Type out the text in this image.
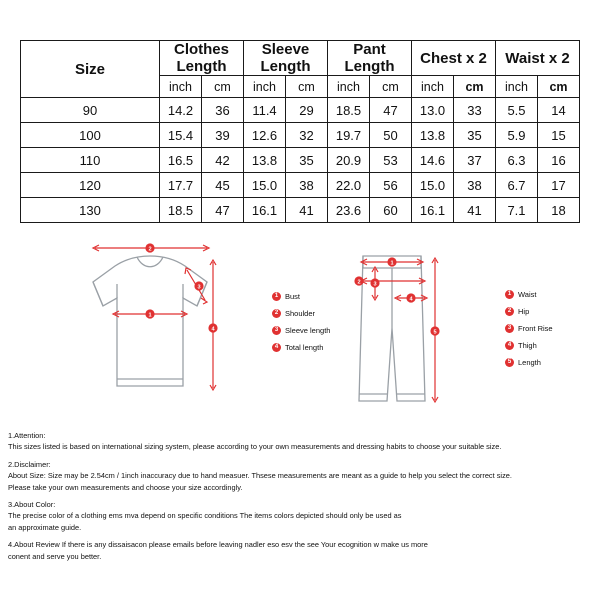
Size	Clothes Length		Sleeve Length		Pant Length		Chest x 2		Waist x 2	
	inch	cm	inch	cm	inch	cm	inch	cm	inch	cm
90	14.2	36	11.4	29	18.5	47	13.0	33	5.5	14
100	15.4	39	12.6	32	19.7	50	13.8	35	5.9	15
110	16.5	42	13.8	35	20.9	53	14.6	37	6.3	16
120	17.7	45	15.0	38	22.0	56	15.0	38	6.7	17
130	18.5	47	16.1	41	23.6	60	16.1	41	7.1	18
2
1
3
4
1 Bust
2 Shoulder
3 Sleeve length
4 Total length
1
2 3
4
5
1 Waist
2 Hip
3 Front Rise
4 Thigh
5 Length

1.Attention:

This sizes listed is based on international sizing system, please according to your own measurements and dressing habits to choose your suitable size.

2.Disclaimer:

About Size: Size may be 2.54cm / 1inch inaccuracy due to hand measuer. Thsese measurements are meant as a guide to help you select the correct size.

Please take your own measurements and choose your size accordingly.

3.About Color:

The precise color of a clothing ems mva depend on specific conditions The items colors depicted should only be used as

an approximate guide.

4.About Review If there is any dissaisacon please emails before leaving nadler eso esv the see Your ecognition w make us more

conent and serve you better.
